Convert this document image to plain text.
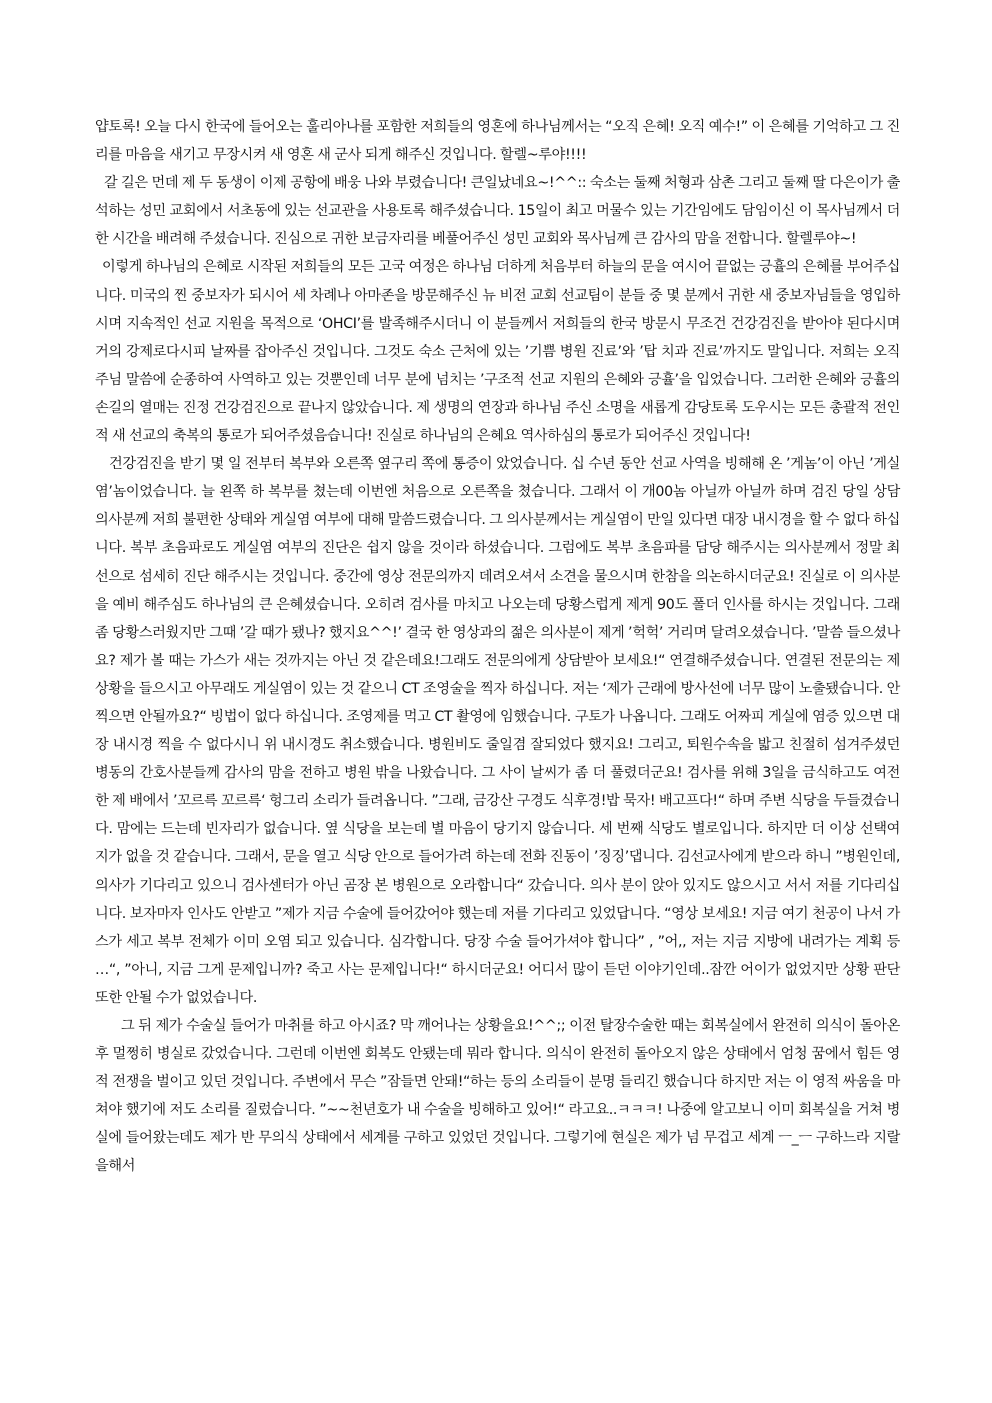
얍토록! 오늘 다시 한국에 들어오는 훌리아나를 포함한 저희들의 영혼에 하나님께서는 “오직 은혜! 오직 예수!” 이 은혜를 기억하고 그 진리를 마음을 새기고 무장시켜 새 영혼 새 군사 되게 해주신 것입니다. 할렐~루야!!!!

갈 길은 먼데 제 두 동생이 이제 공항에 배웅 나와 부렸습니다! 큰일났네요~!^^:: 숙소는 둘째 처형과 삼촌 그리고 둘째 딸 다은이가 출석하는 성민 교회에서 서초동에 있는 선교관을 사용토록 해주셨습니다. 15일이 최고 머물수 있는 기간임에도 담임이신 이 목사님께서 더한 시간을 배려해 주셨습니다. 진심으로 귀한 보금자리를 베풀어주신 성민 교회와 목사님께 큰 감사의 맘을 전합니다. 할렐루야~!

이렇게 하나님의 은혜로 시작된 저희들의 모든 고국 여정은 하나님 더하게 처음부터 하늘의 문을 여시어 끝없는 긍휼의 은혜를 부어주십니다. 미국의 찐 중보자가 되시어 세 차례나 아마존을 방문해주신 뉴 비전 교회 선교팀이 분들 중 몇 분께서 귀한 새 중보자님들을 영입하시며 지속적인 선교 지원을 목적으로 ‘OHCI’를 발족해주시더니 이 분들께서 저희들의 한국 방문시 무조건 건강검진을 받아야 된다시며 거의 강제로다시피 날짜를 잡아주신 것입니다. 그것도 숙소 근처에 있는 ’기쁨 병원 진료’와 ’탑 치과 진료’까지도 말입니다. 저희는 오직 주님 말씀에 순종하여 사역하고 있는 것뿐인데 너무 분에 넘치는 ’구조적 선교 지원의 은혜와 긍휼’을 입었습니다. 그러한 은혜와 긍휼의 손길의 열매는 진정 건강검진으로 끝나지 않았습니다. 제 생명의 연장과 하나님 주신 소명을 새롭게 감당토록 도우시는 모든 총괄적 전인적 새 선교의 축복의 통로가 되어주셨음습니다! 진실로 하나님의 은혜요 역사하심의 통로가 되어주신 것입니다!

건강검진을 받기 몇 일 전부터 복부와 오른쪽 옆구리 쪽에 통증이 았었습니다. 십 수년 동안 선교 사역을 빙해해 온 ’게놈’이 아닌 ’게실염’놈이었습니다. 늘 왼쪽 하 복부를 쳤는데 이번엔 처음으로 오른쪽을 쳤습니다. 그래서 이 개00놈 아닐까 아닐까 하며 검진 당일 상담 의사분께 저희 불편한 상태와 게실염 여부에 대해 말씀드렸습니다. 그 의사분께서는 게실염이 만일 있다면 대장 내시경을 할 수 없다 하십니다. 복부 초음파로도 게실염 여부의 진단은 쉽지 않을 것이라 하셨습니다. 그럼에도 복부 초음파를 담당 해주시는 의사분께서 정말 최선으로 섬세히 진단 해주시는 것입니다. 중간에 영상 전문의까지 데려오셔서 소견을 물으시며 한참을 의논하시더군요! 진실로 이 의사분을 예비 해주심도 하나님의 큰 은혜셨습니다. 오히려 검사를 마치고 나오는데 당황스럽게 제게 90도 폴더 인사를 하시는 것입니다. 그래 좀 당황스러웠지만 그때 ’갈 때가 됐나? 했지요^^!’ 결국 한 영상과의 젊은 의사분이 제게 ’헉헉’ 거리며 달려오셨습니다. ’말씀 들으셨나요? 제가 볼 때는 가스가 새는 것까지는 아닌 것 같은데요!그래도 전문의에게 상담받아 보세요!“ 연결해주셨습니다. 연결된 전문의는 제 상황을 들으시고 아무래도 게실염이 있는 것 같으니 CT 조영술을 찍자 하십니다. 저는 ‘제가 근래에 방사선에 너무 많이 노출됐습니다. 안찍으면 안될까요?“ 빙법이 없다 하십니다. 조영제를 먹고 CT 촬영에 임했습니다. 구토가 나옵니다. 그래도 어짜피 게실에 염증 있으면 대장 내시경 찍을 수 없다시니 위 내시경도 취소했습니다. 병원비도 줄일겸 잘되었다 했지요! 그리고, 퇴원수속을 밟고 친절히 섬겨주셨던 병동의 간호사분들께 감사의 맘을 전하고 병원 밖을 나왔습니다. 그 사이 날씨가 좀 더 풀렸더군요! 검사를 위해 3일을 금식하고도 여전한 제 배에서 ’꼬르륵 꼬르륵‘ 헝그리 소리가 들려옵니다. ”그래, 금강산 구경도 식후경!밥 묵자! 배고프다!“ 하며 주변 식당을 두들겼습니다. 맘에는 드는데 빈자리가 없습니다. 옆 식당을 보는데 별 마음이 당기지 않습니다. 세 번째 식당도 별로입니다. 하지만 더 이상 선택여지가 없을 것 같습니다. 그래서, 문을 열고 식당 안으로 들어가려 하는데 전화 진동이 ’징징’댑니다. 김선교사에게 받으라 하니 ”병원인데, 의사가 기다리고 있으니 검사센터가 아닌 곰장 본 병원으로 오라합니다“ 갔습니다. 의사 분이 앉아 있지도 않으시고 서서 저를 기다리십니다. 보자마자 인사도 안받고 ”제가 지금 수술에 들어갔어야 했는데 저를 기다리고 있었답니다. “영상 보세요! 지금 여기 천공이 나서 가스가 세고 복부 전체가 이미 오염 되고 있습니다. 심각합니다. 당장 수술 들어가셔야 합니다” , ”어,, 저는 지금 지방에 내려가는 계획 등 …“, ”아니, 지금 그게 문제입니까? 죽고 사는 문제입니다!“ 하시더군요! 어디서 많이 듣던 이야기인데..잠깐 어이가 없었지만 상황 판단 또한 안될 수가 없었습니다.

그 뒤 제가 수술실 들어가 마취를 하고 아시죠? 막 깨어나는 상황을요!^^;; 이전 탈장수술한 때는 회복실에서 완전히 의식이 돌아온 후 멀쩡히 병실로 갔었습니다. 그런데 이번엔 회복도 안됐는데 뭐라 합니다. 의식이 완전히 돌아오지 않은 상태에서 엄청 꿈에서 힘든 영적 전쟁을 벌이고 있던 것입니다. 주변에서 무슨 ”잠들면 안돼!“하는 등의 소리들이 분명 들리긴 했습니다 하지만 저는 이 영적 싸움을 마쳐야 했기에 저도 소리를 질렀습니다. ”~~천년호가 내 수술을 빙해하고 있어!“ 라고요..ㅋㅋㅋ! 나중에 알고보니 이미 회복실을 거쳐 병실에 들어왔는데도 제가 반 무의식 상태에서 세계를 구하고 있었던 것입니다. 그렇기에 현실은 제가 넘 무겁고 세계 ㅡ_ㅡ 구하느라 지랄을해서
